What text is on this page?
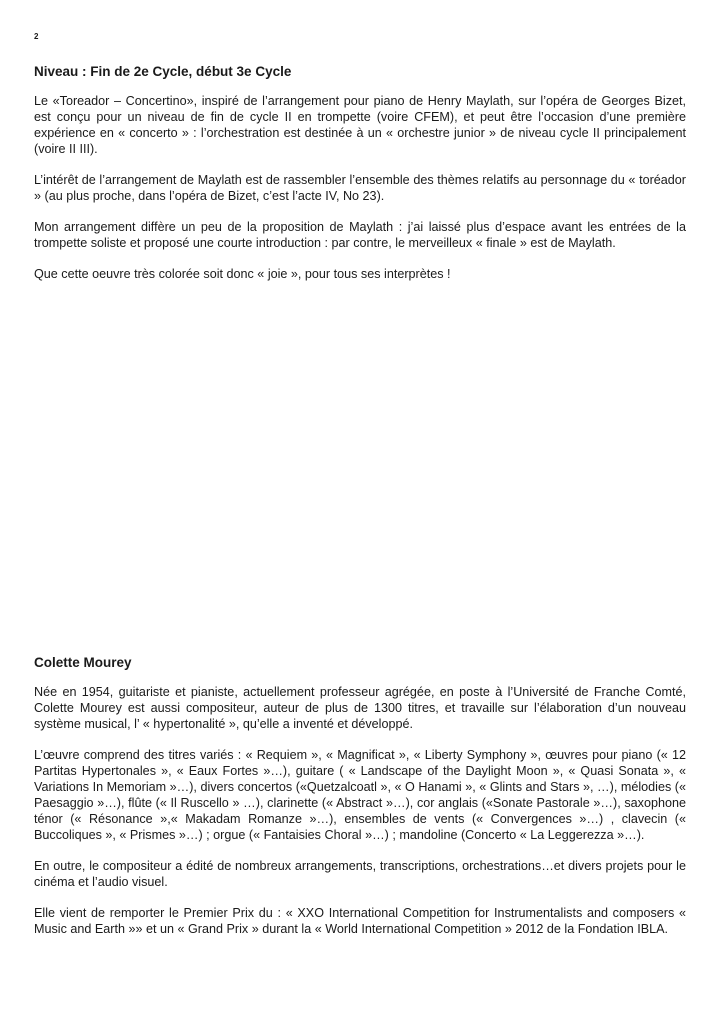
2
Niveau : Fin de 2e Cycle, début 3e Cycle

Le «Toreador – Concertino», inspiré de l’arrangement pour piano de Henry Maylath, sur l’opéra de Georges Bizet, est conçu pour un niveau de fin de cycle II en trompette (voire CFEM), et peut être l’occasion d’une première expérience en « concerto » : l’orchestration est destinée à un « orchestre junior » de niveau cycle II principalement (voire II III).

L’intérêt de l’arrangement de Maylath est de rassembler l’ensemble des thèmes relatifs au personnage du « toréador » (au plus proche, dans l’opéra de Bizet, c’est l’acte IV, No 23).

Mon arrangement diffère un peu de la proposition de Maylath : j’ai laissé plus d’espace avant les entrées de la trompette soliste et proposé une courte introduction : par contre, le merveilleux « finale » est de Maylath.

Que cette oeuvre très colorée soit donc « joie », pour tous ses interprètes !

Colette Mourey

Née en 1954, guitariste et pianiste, actuellement professeur agrégée, en poste à l’Université de Franche Comté, Colette Mourey est aussi compositeur, auteur de plus de 1300 titres, et travaille sur l’élaboration d’un nouveau système musical, l’ « hypertonalité », qu’elle a inventé et développé.

L’œuvre comprend des titres variés : « Requiem », « Magnificat », « Liberty Symphony », œuvres pour piano (« 12 Partitas Hypertonales », « Eaux Fortes »…), guitare ( « Landscape of the Daylight Moon », « Quasi Sonata », « Variations In Memoriam »…), divers concertos («Quetzalcoatl », « O Hanami », « Glints and Stars », …), mélodies (« Paesaggio »…), flûte (« Il Ruscello » …), clarinette (« Abstract »…), cor anglais («Sonate Pastorale »…), saxophone ténor (« Résonance »,« Makadam Romanze »…), ensembles de vents (« Convergences »…) , clavecin (« Buccoliques », « Prismes »…) ; orgue (« Fantaisies Choral »…) ; mandoline (Concerto « La Leggerezza »…).

En outre, le compositeur a édité de nombreux arrangements, transcriptions, orchestrations…et divers projets pour le cinéma et l’audio visuel.

Elle vient de remporter le Premier Prix du : « XXO International Competition for Instrumentalists and composers « Music and Earth »» et un « Grand Prix » durant la « World International Competition » 2012 de la Fondation IBLA.
